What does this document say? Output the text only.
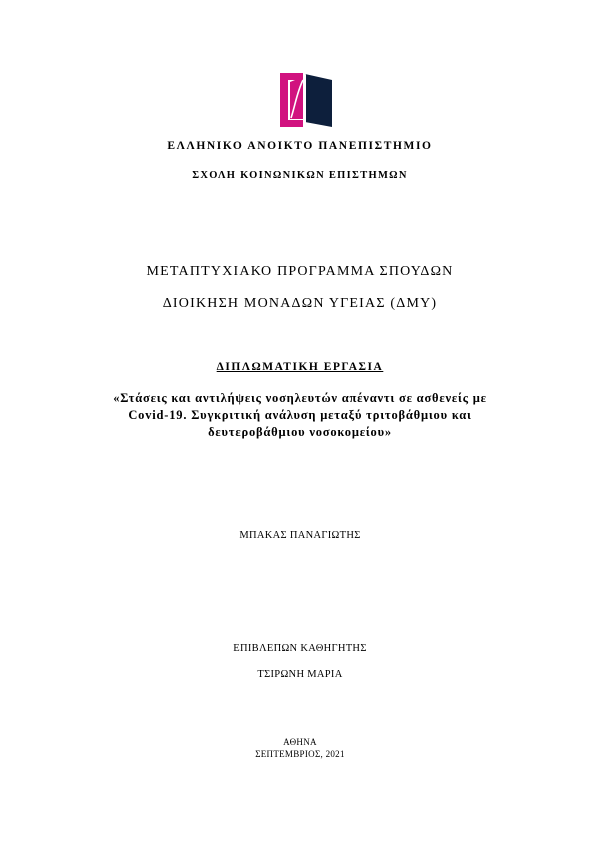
ΕΛΛΗΝΙΚΟ ΑΝΟΙΚΤΟ ΠΑΝΕΠΙΣΤΗΜΙΟ
ΣΧΟΛΗ ΚΟΙΝΩΝΙΚΩΝ ΕΠΙΣΤΗΜΩΝ
ΜΕΤΑΠΤΥΧΙΑΚΟ ΠΡΟΓΡΑΜΜΑ ΣΠΟΥΔΩΝ
ΔΙΟΙΚΗΣΗ ΜΟΝΑΔΩΝ ΥΓΕΙΑΣ (ΔΜΥ)
ΔΙΠΛΩΜΑΤΙΚΗ ΕΡΓΑΣΙΑ
«Στάσεις και αντιλήψεις νοσηλευτών απέναντι σε ασθενείς με
Covid-19. Συγκριτική ανάλυση μεταξύ τριτοβάθμιου και
δευτεροβάθμιου νοσοκομείου»
ΜΠΑΚΑΣ ΠΑΝΑΓΙΩΤΗΣ
ΕΠΙΒΛΕΠΩΝ ΚΑΘΗΓΗΤΗΣ
ΤΣΙΡΩΝΗ ΜΑΡΙΑ
ΑΘΗΝΑ
ΣΕΠΤΕΜΒΡΙΟΣ, 2021
